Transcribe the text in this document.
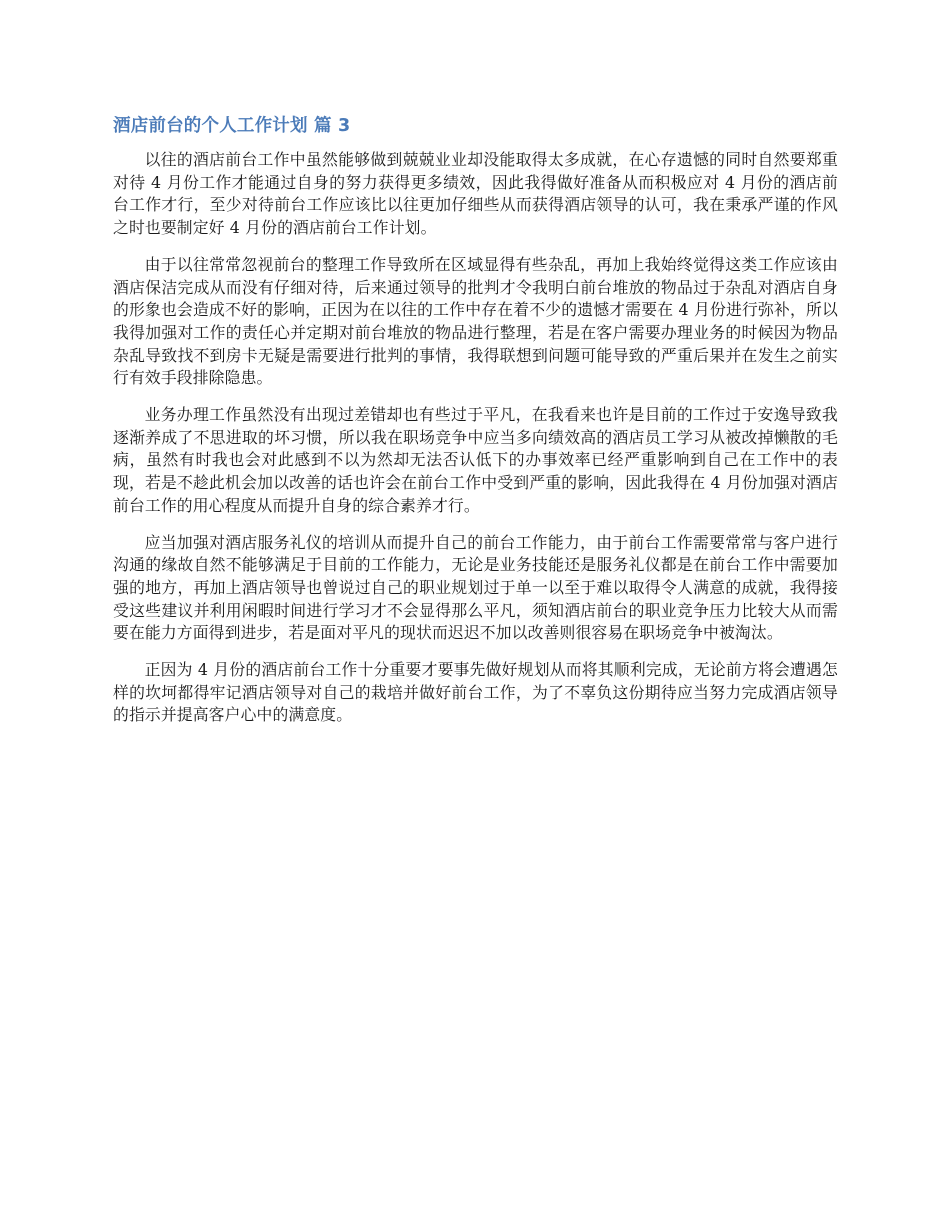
酒店前台的个人工作计划 篇 3

以往的酒店前台工作中虽然能够做到兢兢业业却没能取得太多成就，在心存遗憾的同时自然要郑重对待 4 月份工作才能通过自身的努力获得更多绩效，因此我得做好准备从而积极应对 4 月份的酒店前台工作才行，至少对待前台工作应该比以往更加仔细些从而获得酒店领导的认可，我在秉承严谨的作风之时也要制定好 4 月份的酒店前台工作计划。

由于以往常常忽视前台的整理工作导致所在区域显得有些杂乱，再加上我始终觉得这类工作应该由酒店保洁完成从而没有仔细对待，后来通过领导的批判才令我明白前台堆放的物品过于杂乱对酒店自身的形象也会造成不好的影响，正因为在以往的工作中存在着不少的遗憾才需要在 4 月份进行弥补，所以我得加强对工作的责任心并定期对前台堆放的物品进行整理，若是在客户需要办理业务的时候因为物品杂乱导致找不到房卡无疑是需要进行批判的事情，我得联想到问题可能导致的严重后果并在发生之前实行有效手段排除隐患。

业务办理工作虽然没有出现过差错却也有些过于平凡，在我看来也许是目前的工作过于安逸导致我逐渐养成了不思进取的坏习惯，所以我在职场竞争中应当多向绩效高的酒店员工学习从被改掉懒散的毛病，虽然有时我也会对此感到不以为然却无法否认低下的办事效率已经严重影响到自己在工作中的表现，若是不趁此机会加以改善的话也许会在前台工作中受到严重的影响，因此我得在 4 月份加强对酒店前台工作的用心程度从而提升自身的综合素养才行。

应当加强对酒店服务礼仪的培训从而提升自己的前台工作能力，由于前台工作需要常常与客户进行沟通的缘故自然不能够满足于目前的工作能力，无论是业务技能还是服务礼仪都是在前台工作中需要加强的地方，再加上酒店领导也曾说过自己的职业规划过于单一以至于难以取得令人满意的成就，我得接受这些建议并利用闲暇时间进行学习才不会显得那么平凡，须知酒店前台的职业竞争压力比较大从而需要在能力方面得到进步，若是面对平凡的现状而迟迟不加以改善则很容易在职场竞争中被淘汰。

正因为 4 月份的酒店前台工作十分重要才要事先做好规划从而将其顺利完成，无论前方将会遭遇怎样的坎坷都得牢记酒店领导对自己的栽培并做好前台工作，为了不辜负这份期待应当努力完成酒店领导的指示并提高客户心中的满意度。
